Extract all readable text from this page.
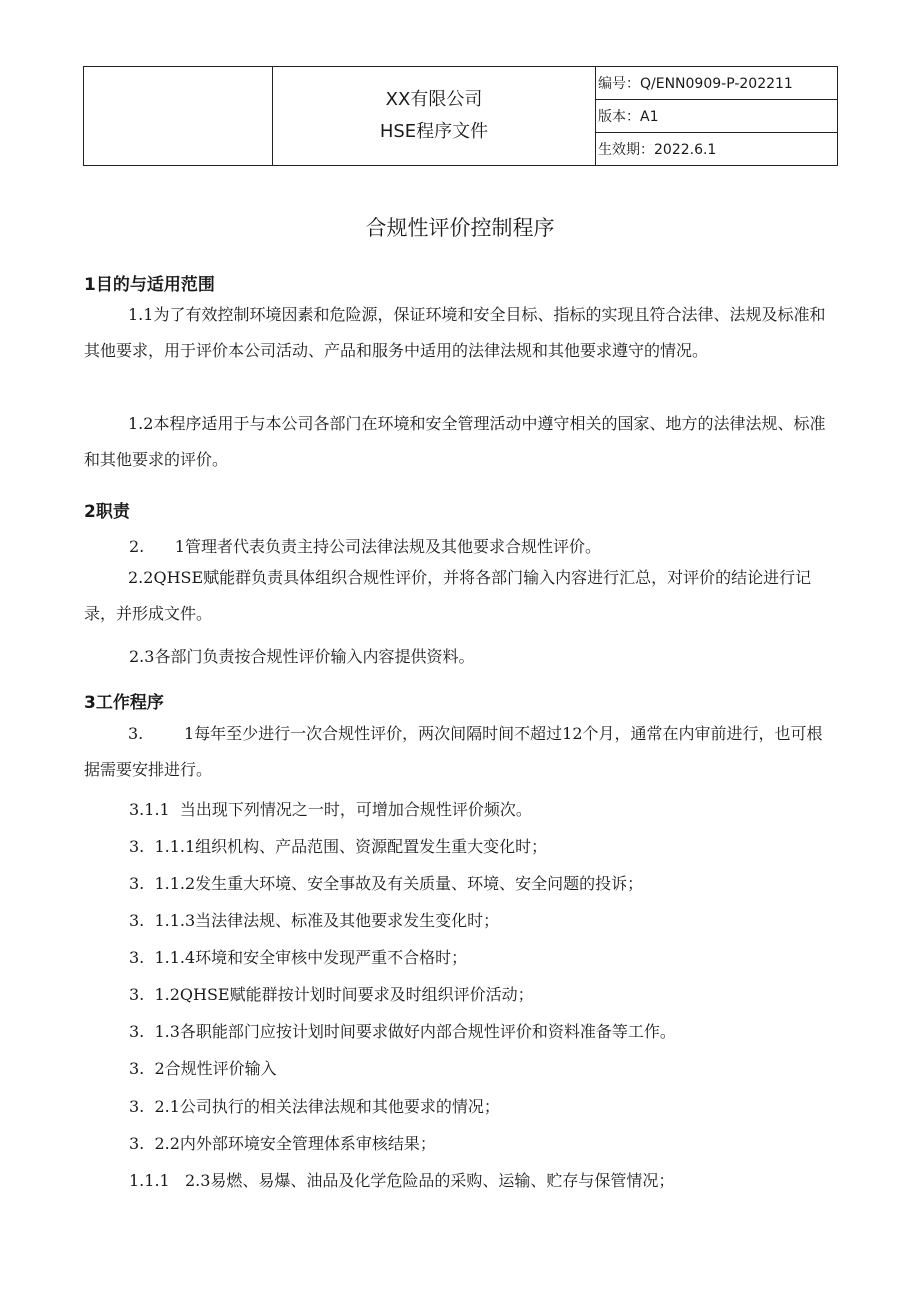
XX有限公司
HSE程序文件
编号：Q/ENN0909-P-202211
版本：A1
生效期：2022.6.1
合规性评价控制程序
1目的与适用范围
1.1为了有效控制环境因素和危险源，保证环境和安全目标、指标的实现且符合法律、法规及标准和其他要求，用于评价本公司活动、产品和服务中适用的法律法规和其他要求遵守的情况。
1.2本程序适用于与本公司各部门在环境和安全管理活动中遵守相关的国家、地方的法律法规、标准和其他要求的评价。
2职责
2.      1管理者代表负责主持公司法律法规及其他要求合规性评价。
2.2QHSE赋能群负责具体组织合规性评价，并将各部门输入内容进行汇总，对评价的结论进行记录，并形成文件。
2.3各部门负责按合规性评价输入内容提供资料。
3工作程序
3.        1每年至少进行一次合规性评价，两次间隔时间不超过12个月，通常在内审前进行，也可根据需要安排进行。
3.1.1  当出现下列情况之一时，可增加合规性评价频次。
3.  1.1.1组织机构、产品范围、资源配置发生重大变化时；
3.  1.1.2发生重大环境、安全事故及有关质量、环境、安全问题的投诉；
3.  1.1.3当法律法规、标准及其他要求发生变化时；
3.  1.1.4环境和安全审核中发现严重不合格时；
3.  1.2QHSE赋能群按计划时间要求及时组织评价活动；
3.  1.3各职能部门应按计划时间要求做好内部合规性评价和资料准备等工作。
3.  2合规性评价输入
3.  2.1公司执行的相关法律法规和其他要求的情况；
3.  2.2内外部环境安全管理体系审核结果；
1.1.1   2.3易燃、易爆、油品及化学危险品的采购、运输、贮存与保管情况；
